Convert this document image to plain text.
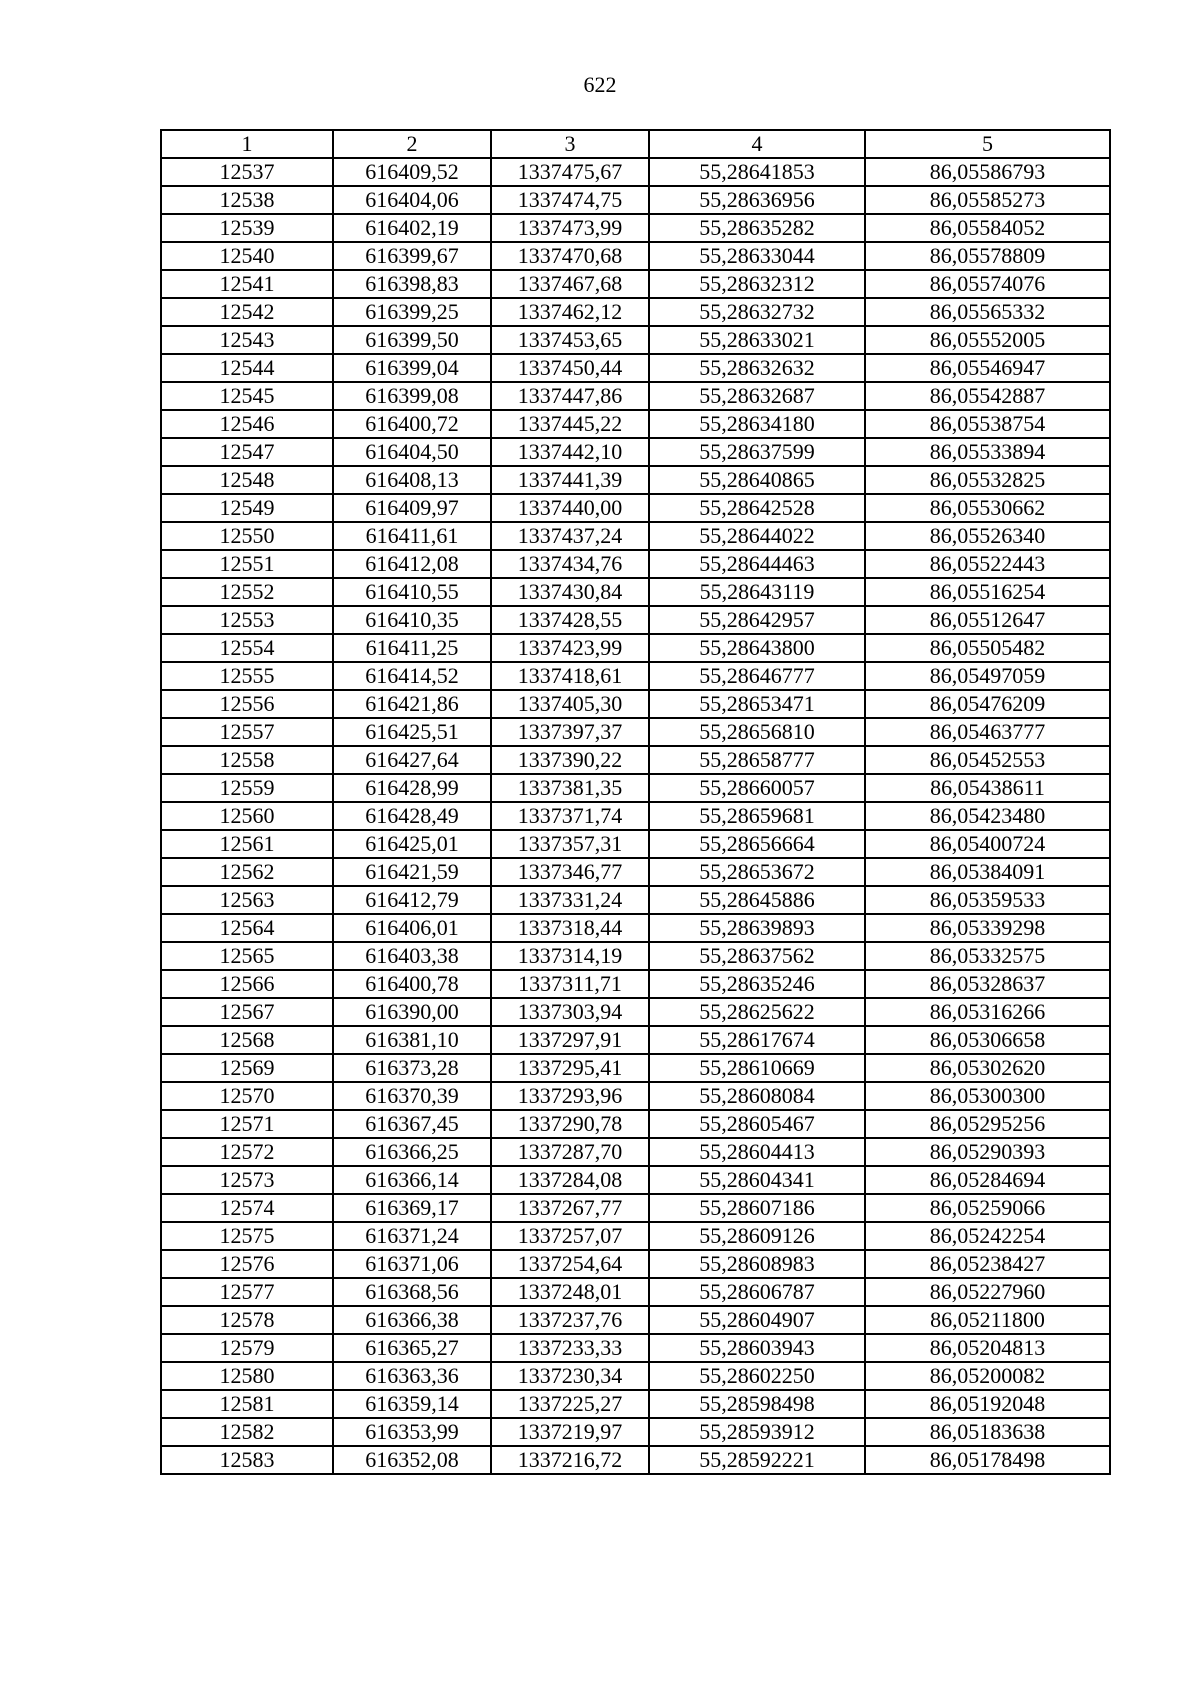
622
1	2	3	4	5
12537	616409,52	1337475,67	55,28641853	86,05586793
12538	616404,06	1337474,75	55,28636956	86,05585273
12539	616402,19	1337473,99	55,28635282	86,05584052
12540	616399,67	1337470,68	55,28633044	86,05578809
12541	616398,83	1337467,68	55,28632312	86,05574076
12542	616399,25	1337462,12	55,28632732	86,05565332
12543	616399,50	1337453,65	55,28633021	86,05552005
12544	616399,04	1337450,44	55,28632632	86,05546947
12545	616399,08	1337447,86	55,28632687	86,05542887
12546	616400,72	1337445,22	55,28634180	86,05538754
12547	616404,50	1337442,10	55,28637599	86,05533894
12548	616408,13	1337441,39	55,28640865	86,05532825
12549	616409,97	1337440,00	55,28642528	86,05530662
12550	616411,61	1337437,24	55,28644022	86,05526340
12551	616412,08	1337434,76	55,28644463	86,05522443
12552	616410,55	1337430,84	55,28643119	86,05516254
12553	616410,35	1337428,55	55,28642957	86,05512647
12554	616411,25	1337423,99	55,28643800	86,05505482
12555	616414,52	1337418,61	55,28646777	86,05497059
12556	616421,86	1337405,30	55,28653471	86,05476209
12557	616425,51	1337397,37	55,28656810	86,05463777
12558	616427,64	1337390,22	55,28658777	86,05452553
12559	616428,99	1337381,35	55,28660057	86,05438611
12560	616428,49	1337371,74	55,28659681	86,05423480
12561	616425,01	1337357,31	55,28656664	86,05400724
12562	616421,59	1337346,77	55,28653672	86,05384091
12563	616412,79	1337331,24	55,28645886	86,05359533
12564	616406,01	1337318,44	55,28639893	86,05339298
12565	616403,38	1337314,19	55,28637562	86,05332575
12566	616400,78	1337311,71	55,28635246	86,05328637
12567	616390,00	1337303,94	55,28625622	86,05316266
12568	616381,10	1337297,91	55,28617674	86,05306658
12569	616373,28	1337295,41	55,28610669	86,05302620
12570	616370,39	1337293,96	55,28608084	86,05300300
12571	616367,45	1337290,78	55,28605467	86,05295256
12572	616366,25	1337287,70	55,28604413	86,05290393
12573	616366,14	1337284,08	55,28604341	86,05284694
12574	616369,17	1337267,77	55,28607186	86,05259066
12575	616371,24	1337257,07	55,28609126	86,05242254
12576	616371,06	1337254,64	55,28608983	86,05238427
12577	616368,56	1337248,01	55,28606787	86,05227960
12578	616366,38	1337237,76	55,28604907	86,05211800
12579	616365,27	1337233,33	55,28603943	86,05204813
12580	616363,36	1337230,34	55,28602250	86,05200082
12581	616359,14	1337225,27	55,28598498	86,05192048
12582	616353,99	1337219,97	55,28593912	86,05183638
12583	616352,08	1337216,72	55,28592221	86,05178498
